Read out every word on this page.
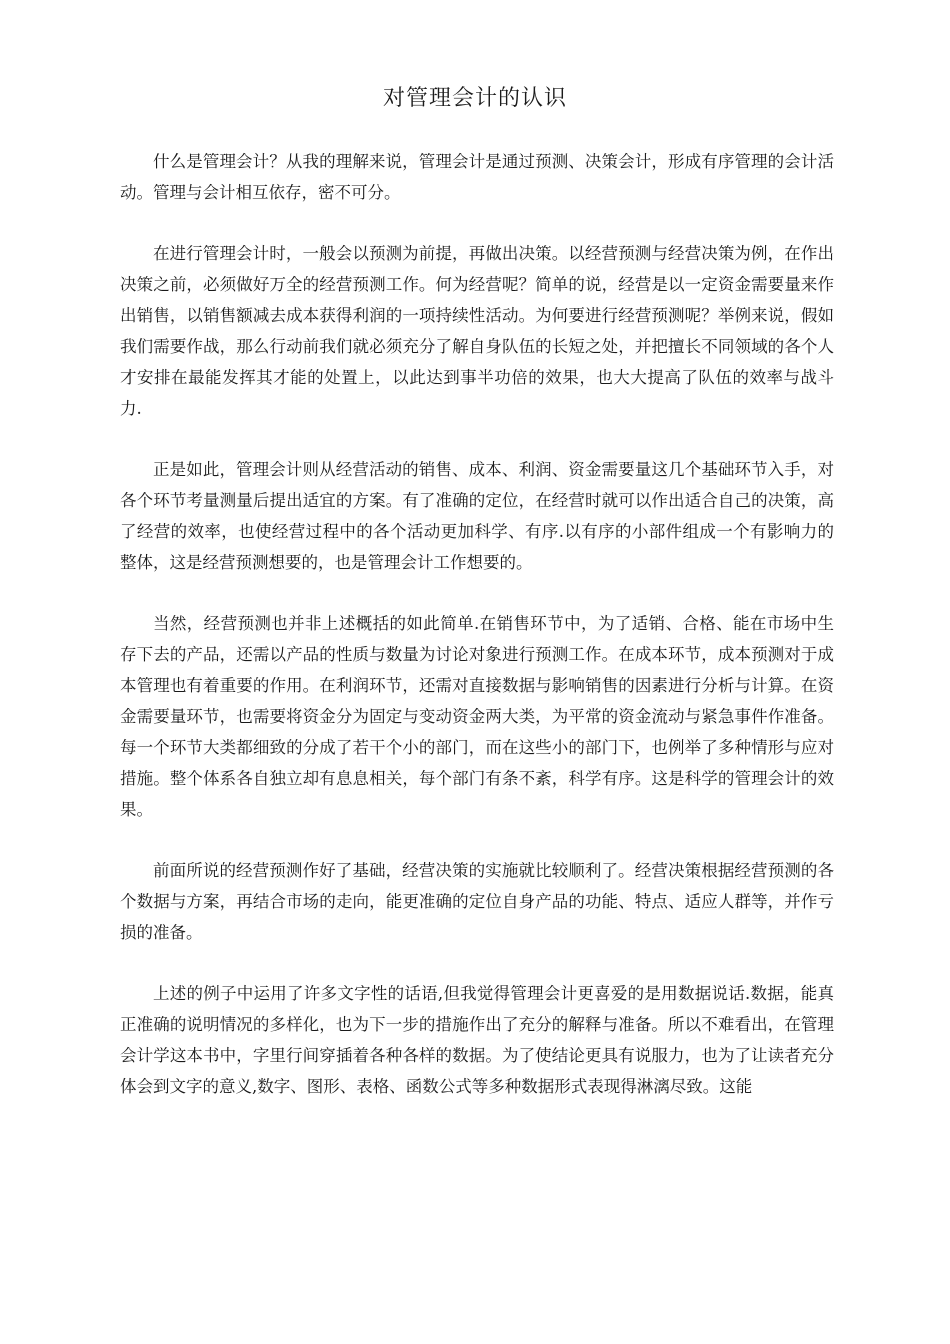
对管理会计的认识

什么是管理会计？从我的理解来说，管理会计是通过预测、决策会计，形成有序管理的会计活动。管理与会计相互依存，密不可分。

在进行管理会计时，一般会以预测为前提，再做出决策。以经营预测与经营决策为例，在作出决策之前，必须做好万全的经营预测工作。何为经营呢？简单的说，经营是以一定资金需要量来作出销售，以销售额减去成本获得利润的一项持续性活动。为何要进行经营预测呢？举例来说，假如我们需要作战，那么行动前我们就必须充分了解自身队伍的长短之处，并把擅长不同领域的各个人才安排在最能发挥其才能的处置上，以此达到事半功倍的效果，也大大提高了队伍的效率与战斗力.

正是如此，管理会计则从经营活动的销售、成本、利润、资金需要量这几个基础环节入手，对各个环节考量测量后提出适宜的方案。有了准确的定位，在经营时就可以作出适合自己的决策，高了经营的效率，也使经营过程中的各个活动更加科学、有序.以有序的小部件组成一个有影响力的整体，这是经营预测想要的，也是管理会计工作想要的。

当然，经营预测也并非上述概括的如此简单.在销售环节中，为了适销、合格、能在市场中生存下去的产品，还需以产品的性质与数量为讨论对象进行预测工作。在成本环节，成本预测对于成本管理也有着重要的作用。在利润环节，还需对直接数据与影响销售的因素进行分析与计算。在资金需要量环节，也需要将资金分为固定与变动资金两大类，为平常的资金流动与紧急事件作准备。每一个环节大类都细致的分成了若干个小的部门，而在这些小的部门下，也例举了多种情形与应对措施。整个体系各自独立却有息息相关，每个部门有条不紊，科学有序。这是科学的管理会计的效果。

前面所说的经营预测作好了基础，经营决策的实施就比较顺利了。经营决策根据经营预测的各个数据与方案，再结合市场的走向，能更准确的定位自身产品的功能、特点、适应人群等，并作亏损的准备。

上述的例子中运用了许多文字性的话语,但我觉得管理会计更喜爱的是用数据说话.数据，能真正准确的说明情况的多样化，也为下一步的措施作出了充分的解释与准备。所以不难看出，在管理会计学这本书中，字里行间穿插着各种各样的数据。为了使结论更具有说服力，也为了让读者充分体会到文字的意义,数字、图形、表格、函数公式等多种数据形式表现得淋漓尽致。这能
